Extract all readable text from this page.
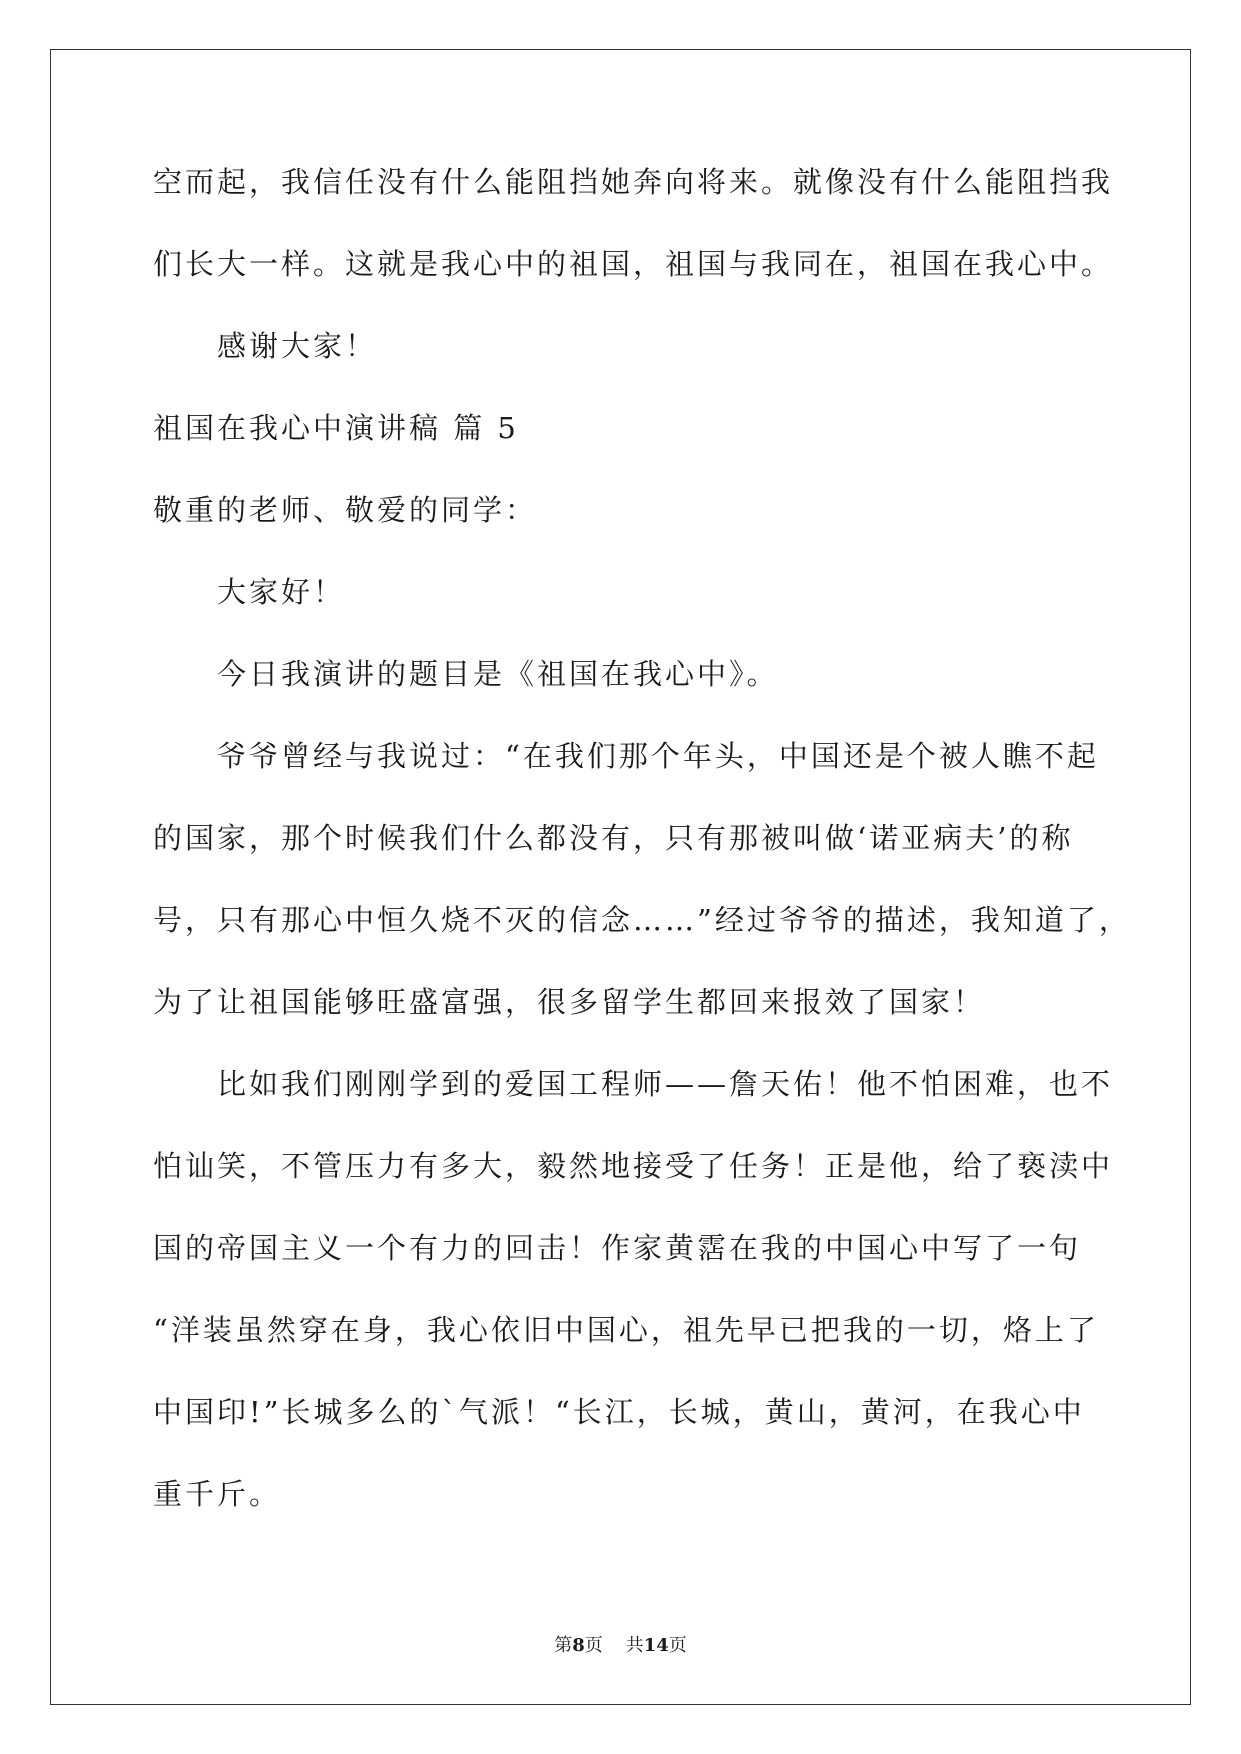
空而起，我信任没有什么能阻挡她奔向将来。就像没有什么能阻挡我
们长大一样。这就是我心中的祖国，祖国与我同在，祖国在我心中。
感谢大家！
祖国在我心中演讲稿 篇 5
敬重的老师、敬爱的同学：
大家好！
今日我演讲的题目是《祖国在我心中》。
爷爷曾经与我说过：“在我们那个年头，中国还是个被人瞧不起
的国家，那个时候我们什么都没有，只有那被叫做‘诺亚病夫’的称
号，只有那心中恒久烧不灭的信念……”经过爷爷的描述，我知道了，
为了让祖国能够旺盛富强，很多留学生都回来报效了国家！
比如我们刚刚学到的爱国工程师——詹天佑！他不怕困难，也不
怕讪笑，不管压力有多大，毅然地接受了任务！正是他，给了亵渎中
国的帝国主义一个有力的回击！作家黄霑在我的中国心中写了一句
“洋装虽然穿在身，我心依旧中国心，祖先早已把我的一切，烙上了
中国印!”长城多么的`气派！“长江，长城，黄山，黄河，在我心中
重千斤。
第8页 共14页
